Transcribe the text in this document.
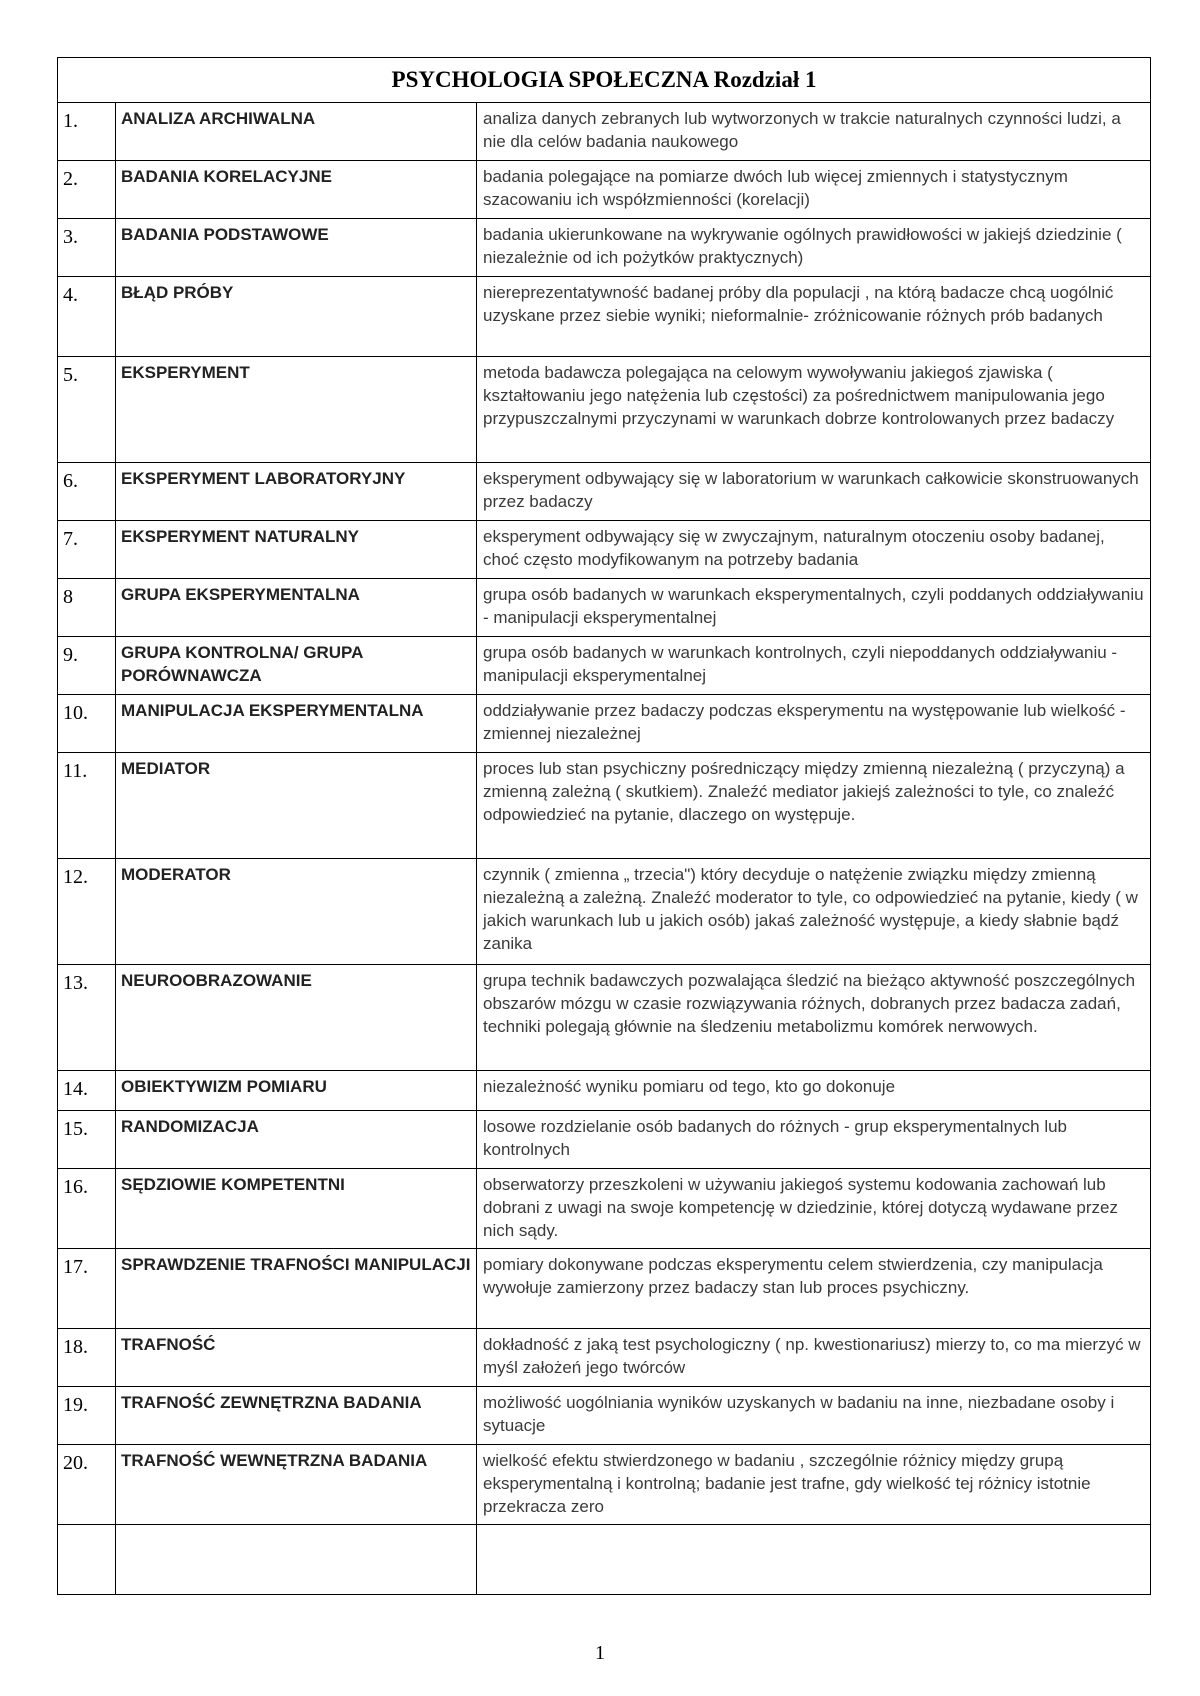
PSYCHOLOGIA SPOŁECZNA Rozdział 1		
1.	ANALIZA ARCHIWALNA	analiza danych zebranych lub wytworzonych w trakcie naturalnych czynności ludzi, a nie dla celów badania naukowego
2.	BADANIA KORELACYJNE	badania polegające na pomiarze dwóch lub więcej zmiennych i statystycznym szacowaniu ich współzmienności (korelacji)
3.	BADANIA PODSTAWOWE	badania ukierunkowane na wykrywanie ogólnych prawidłowości w jakiejś dziedzinie ( niezależnie od ich pożytków praktycznych)
4.	BŁĄD PRÓBY	niereprezentatywność badanej próby dla populacji , na którą badacze chcą uogólnić uzyskane przez siebie wyniki; nieformalnie- zróżnicowanie różnych prób badanych
5.	EKSPERYMENT	metoda badawcza polegająca na celowym wywoływaniu jakiegoś zjawiska ( kształtowaniu jego natężenia lub częstości) za pośrednictwem manipulowania jego przypuszczalnymi przyczynami w warunkach dobrze kontrolowanych przez badaczy
6.	EKSPERYMENT LABORATORYJNY	eksperyment odbywający się w laboratorium w warunkach całkowicie skonstruowanych przez badaczy
7.	EKSPERYMENT NATURALNY	eksperyment odbywający się w zwyczajnym, naturalnym otoczeniu osoby badanej, choć często modyfikowanym na potrzeby badania
8	GRUPA EKSPERYMENTALNA	grupa osób badanych w warunkach eksperymentalnych, czyli poddanych oddziaływaniu - manipulacji eksperymentalnej
9.	GRUPA KONTROLNA/ GRUPA PORÓWNAWCZA	grupa osób badanych w warunkach kontrolnych, czyli niepoddanych oddziaływaniu - manipulacji eksperymentalnej
10.	MANIPULACJA EKSPERYMENTALNA	oddziaływanie przez badaczy podczas eksperymentu na występowanie lub wielkość - zmiennej niezależnej
11.	MEDIATOR	proces lub stan psychiczny pośredniczący między zmienną niezależną ( przyczyną) a zmienną zależną ( skutkiem). Znaleźć mediator jakiejś zależności to tyle, co znaleźć odpowiedzieć na pytanie, dlaczego on występuje.
12.	MODERATOR	czynnik ( zmienna „ trzecia") który decyduje o natężenie związku między zmienną niezależną a zależną. Znaleźć moderator to tyle, co odpowiedzieć na pytanie, kiedy ( w jakich warunkach lub u jakich osób) jakaś zależność występuje, a kiedy słabnie bądź zanika
13.	NEUROOBRAZOWANIE	grupa technik badawczych pozwalająca śledzić na bieżąco aktywność poszczególnych obszarów mózgu w czasie rozwiązywania różnych, dobranych przez badacza zadań, techniki polegają głównie na śledzeniu metabolizmu komórek nerwowych.
14.	OBIEKTYWIZM POMIARU	niezależność wyniku pomiaru od tego, kto go dokonuje
15.	RANDOMIZACJA	losowe rozdzielanie osób badanych do różnych - grup eksperymentalnych lub kontrolnych
16.	SĘDZIOWIE KOMPETENTNI	obserwatorzy przeszkoleni w używaniu jakiegoś systemu kodowania zachowań lub dobrani z uwagi na swoje kompetencję w dziedzinie, której dotyczą wydawane przez nich sądy.
17.	SPRAWDZENIE TRAFNOŚCI MANIPULACJI	pomiary dokonywane podczas eksperymentu celem stwierdzenia, czy manipulacja wywołuje zamierzony przez badaczy stan lub proces psychiczny.
18.	TRAFNOŚĆ	dokładność z jaką test psychologiczny ( np. kwestionariusz) mierzy to, co ma mierzyć w myśl założeń jego twórców
19.	TRAFNOŚĆ ZEWNĘTRZNA BADANIA	możliwość uogólniania wyników uzyskanych w badaniu na inne, niezbadane osoby i sytuacje
20.	TRAFNOŚĆ WEWNĘTRZNA BADANIA	wielkość efektu stwierdzonego w badaniu , szczególnie różnicy między grupą eksperymentalną i kontrolną; badanie jest trafne, gdy wielkość tej różnicy istotnie przekracza zero

1
